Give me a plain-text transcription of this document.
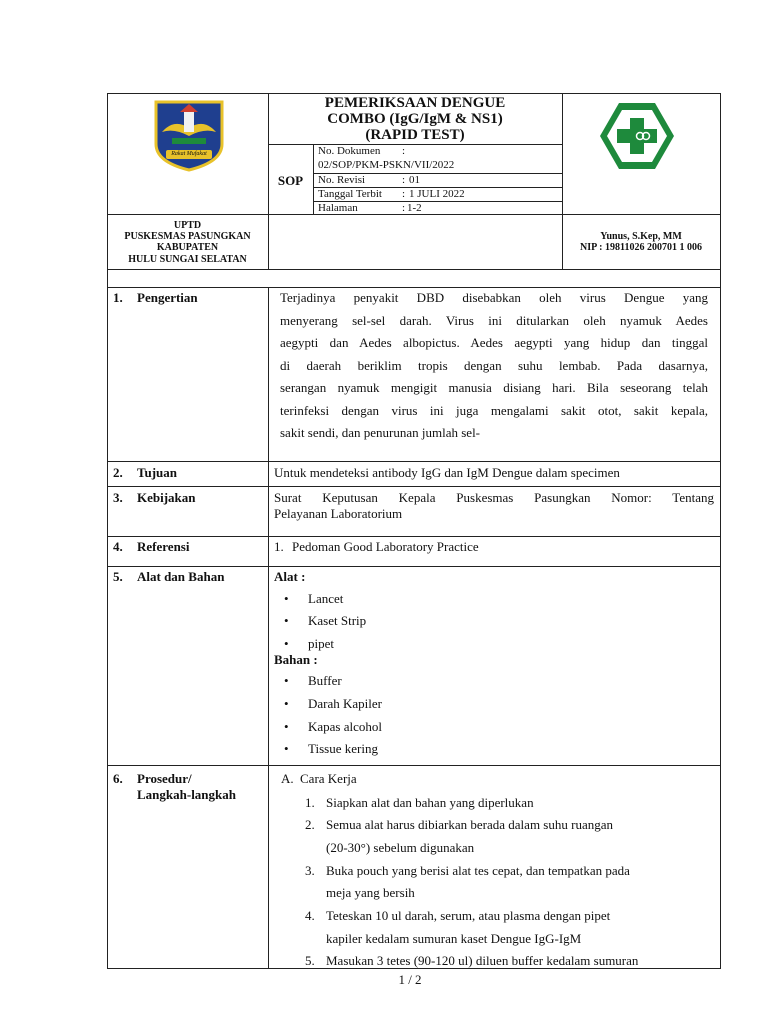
Rakat Mufakat
PEMERIKSAAN DENGUE
COMBO (IgG/IgM & NS1)
(RAPID TEST)
SOP
No. Dokumen :
02/SOP/PKM-PSKN/VII/2022
No. Revisi	: 01
Tanggal Terbit : 1 JULI 2022
Halaman	: 1-2
UPTD
PUSKESMAS PASUNGKAN
KABUPATEN
HULU SUNGAI SELATAN
Yunus, S.Kep, MM
NIP : 19811026 200701 1 006
1. Pengertian	Terjadinya penyakit DBD disebabkan oleh virus Dengue yang
menyerang sel-sel darah. Virus ini ditularkan oleh nyamuk Aedes
aegypti dan Aedes albopictus. Aedes aegypti yang hidup dan tinggal
di daerah beriklim tropis dengan suhu lembab. Pada dasarnya,
serangan nyamuk mengigit manusia disiang hari. Bila seseorang telah
terinfeksi dengan virus ini juga mengalami sakit otot, sakit kepala,
sakit sendi, dan penurunan jumlah sel-
2. Tujuan	Untuk mendeteksi antibody IgG dan IgM Dengue dalam specimen
3. Kebijakan	Surat Keputusan Kepala Puskesmas Pasungkan Nomor: Tentang
Pelayanan Laboratorium
4. Referensi	1. Pedoman Good Laboratory Practice
5. Alat dan Bahan	Alat :
• Lancet
• Kaset Strip
• pipet
Bahan :
• Buffer
• Darah Kapiler
• Kapas alcohol
• Tissue kering
6. Prosedur/
Langkah-langkah
A. Cara Kerja
1. Siapkan alat dan bahan yang diperlukan
2. Semua alat harus dibiarkan berada dalam suhu ruangan
(20-30°) sebelum digunakan
3. Buka pouch yang berisi alat tes cepat, dan tempatkan pada
meja yang bersih
4. Teteskan 10 ul darah, serum, atau plasma dengan pipet
kapiler kedalam sumuran kaset Dengue IgG-IgM
5. Masukan 3 tetes (90-120 ul) diluen buffer kedalam sumuran
1 / 2
